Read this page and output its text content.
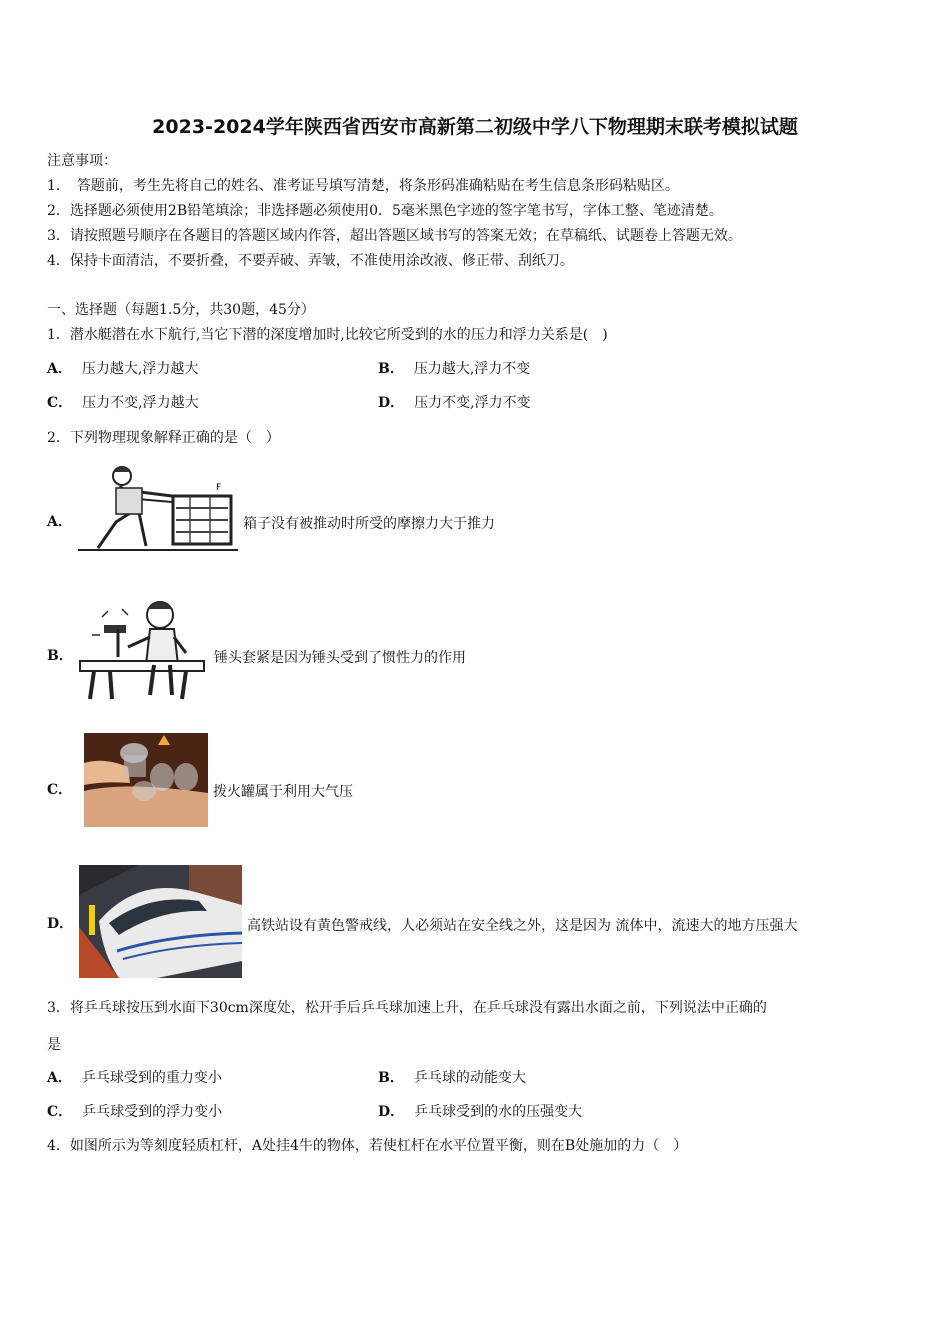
2023-2024学年陕西省西安市高新第二初级中学八下物理期末联考模拟试题
注意事项：
1．　答题前，考生先将自己的姓名、准考证号填写清楚，将条形码准确粘贴在考生信息条形码粘贴区。
2．选择题必须使用2B铅笔填涂；非选择题必须使用0．5毫米黑色字迹的签字笔书写，字体工整、笔迹清楚。
3．请按照题号顺序在各题目的答题区域内作答，超出答题区域书写的答案无效；在草稿纸、试题卷上答题无效。
4．保持卡面清洁，不要折叠，不要弄破、弄皱，不准使用涂改液、修正带、刮纸刀。
一、选择题（每题1.5分，共30题，45分）
1．潜水艇潜在水下航行,当它下潜的深度增加时,比较它所受到的水的压力和浮力关系是(　)
A． 压力越大,浮力越大	B． 压力越大,浮力不变
C． 压力不变,浮力越大	D． 压力不变,浮力不变
2．下列物理现象解释正确的是（　）
A．
F
箱子没有被推动时所受的摩擦力大于推力
B．	锤头套紧是因为锤头受到了惯性力的作用
C．	拨火罐属于利用大气压
D．	高铁站设有黄色警戒线，人必须站在安全线之外，这是因为 流体中，流速大的地方压强大
3．将乒乓球按压到水面下30cm深度处，松开手后乒乓球加速上升，在乒乓球没有露出水面之前，下列说法中正确的
是
A． 乒乓球受到的重力变小	B． 乒乓球的动能变大
C． 乒乓球受到的浮力变小	D． 乒乓球受到的水的压强变大
4．如图所示为等刻度轻质杠杆，A处挂4牛的物体，若使杠杆在水平位置平衡，则在B处施加的力（　）
